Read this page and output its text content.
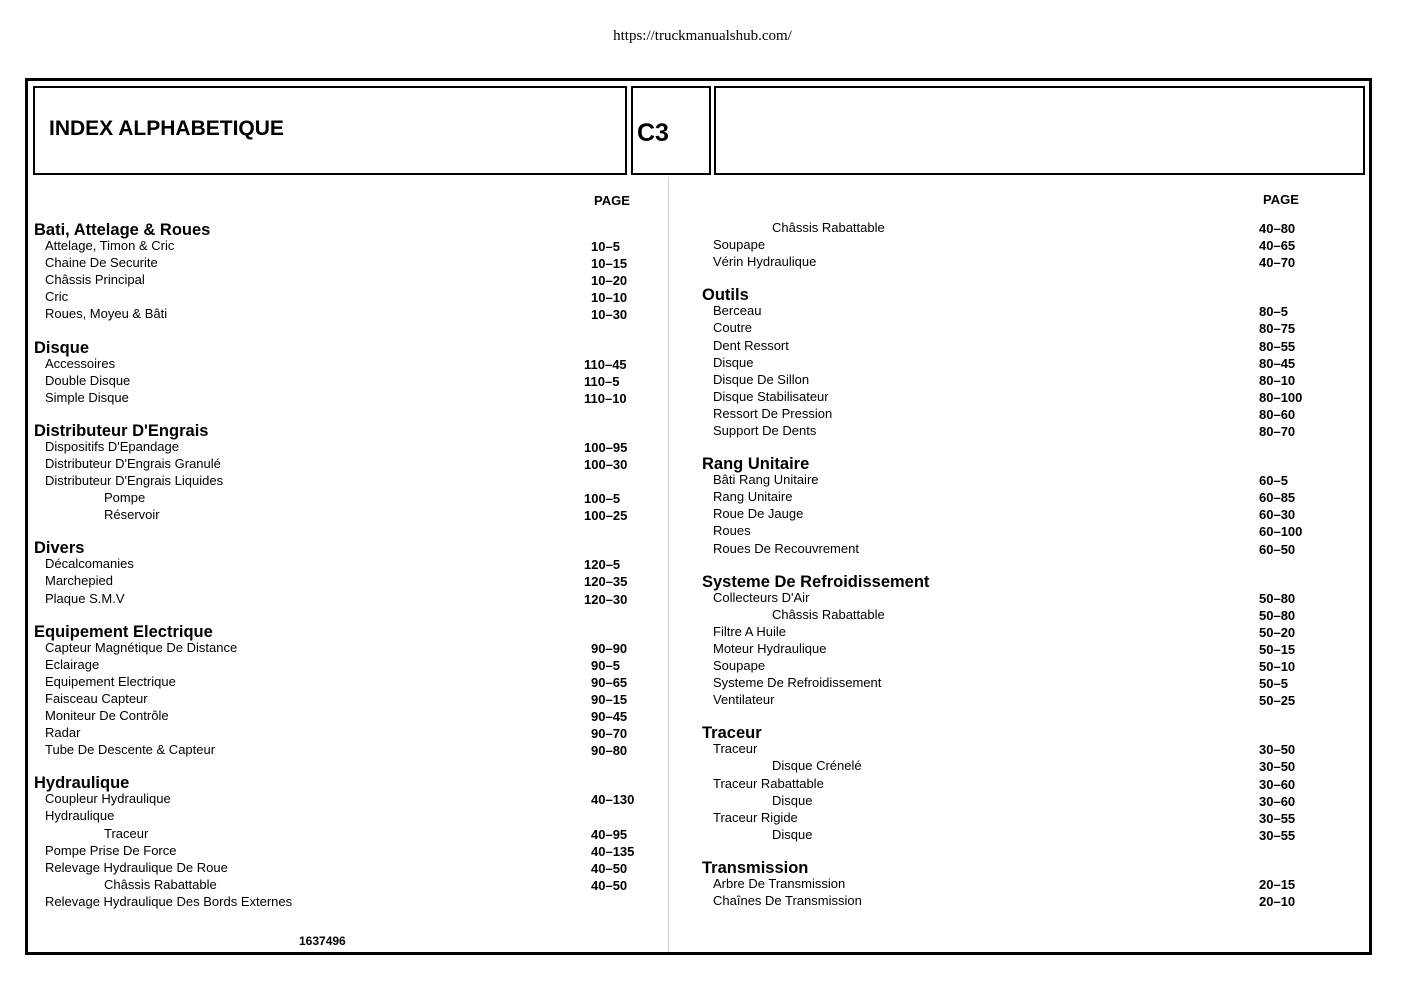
https://truckmanualshub.com/
INDEX ALPHABETIQUE	C3
PAGE
Bati, Attelage & Roues
Attelage, Timon & Cric	10–5
Chaine De Securite	10–15
Châssis Principal	10–20
Cric	10–10
Roues, Moyeu & Bâti	10–30
Disque
Accessoires	110–45
Double Disque	110–5
Simple Disque	110–10
Distributeur D'Engrais
Dispositifs D'Epandage	100–95
Distributeur D'Engrais Granulé	100–30
Distributeur D'Engrais Liquides
Pompe	100–5
Réservoir	100–25
Divers
Décalcomanies	120–5
Marchepied	120–35
Plaque S.M.V	120–30
Equipement Electrique
Capteur Magnétique De Distance	90–90
Eclairage	90–5
Equipement Electrique	90–65
Faisceau Capteur	90–15
Moniteur De Contrôle	90–45
Radar	90–70
Tube De Descente & Capteur	90–80
Hydraulique
Coupleur Hydraulique	40–130
Hydraulique
Traceur	40–95
Pompe Prise De Force	40–135
Relevage Hydraulique De Roue	40–50
Châssis Rabattable	40–50
Relevage Hydraulique Des Bords Externes
PAGE
Châssis Rabattable	40–80
Soupape	40–65
Vérin Hydraulique	40–70
Outils
Berceau	80–5
Coutre	80–75
Dent Ressort	80–55
Disque	80–45
Disque De Sillon	80–10
Disque Stabilisateur	80–100
Ressort De Pression	80–60
Support De Dents	80–70
Rang Unitaire
Bâti Rang Unitaire	60–5
Rang Unitaire	60–85
Roue De Jauge	60–30
Roues	60–100
Roues De Recouvrement	60–50
Systeme De Refroidissement
Collecteurs D'Air	50–80
Châssis Rabattable	50–80
Filtre A Huile	50–20
Moteur Hydraulique	50–15
Soupape	50–10
Systeme De Refroidissement	50–5
Ventilateur	50–25
Traceur
Traceur	30–50
Disque Crénelé	30–50
Traceur Rabattable	30–60
Disque	30–60
Traceur Rigide	30–55
Disque	30–55
Transmission
Arbre De Transmission	20–15
Chaînes De Transmission	20–10
1637496
